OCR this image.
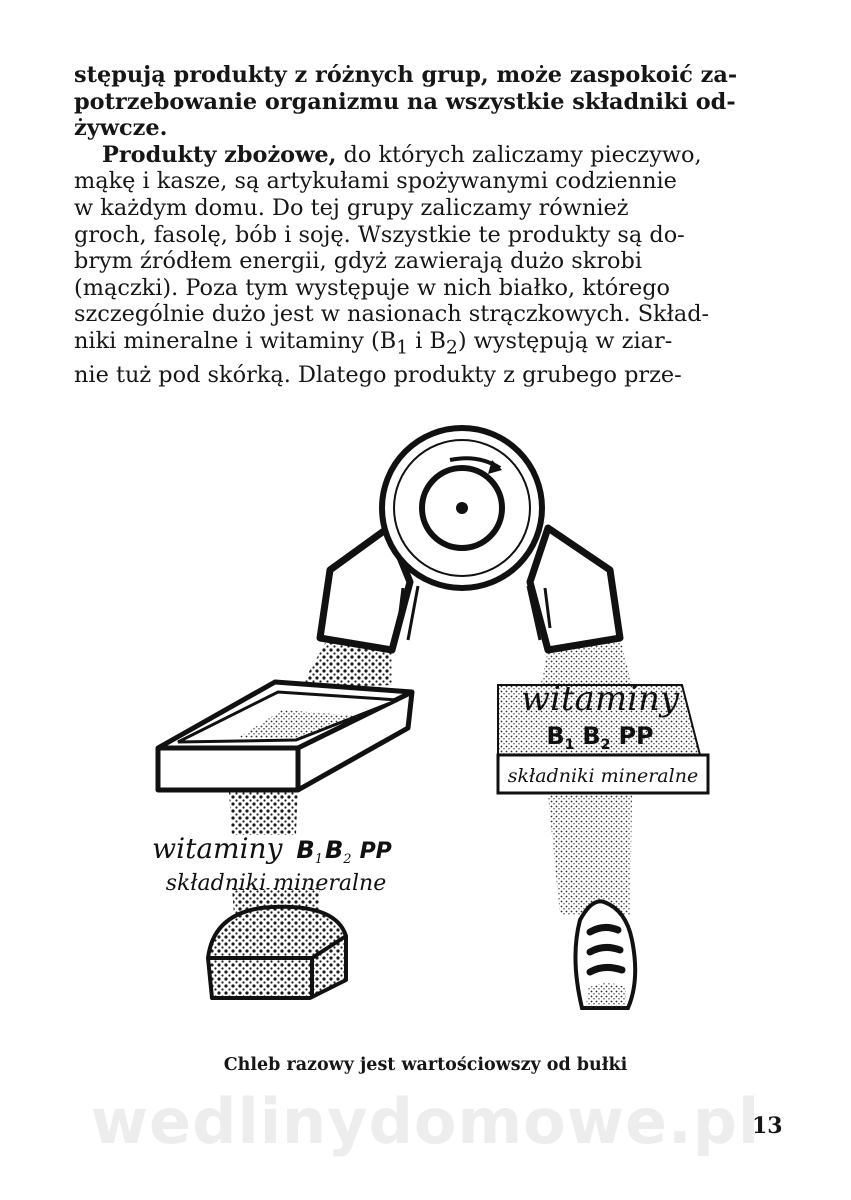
stępują produkty z różnych grup, może zaspokoić za-
potrzebowanie organizmu na wszystkie składniki od-
żywcze.

Produkty zbożowe, do których zaliczamy pieczywo,
mąkę i kasze, są artykułami spożywanymi codziennie
w każdym domu. Do tej grupy zaliczamy również
groch, fasolę, bób i soję. Wszystkie te produkty są do-
brym źródłem energii, gdyż zawierają dużo skrobi
(mączki). Poza tym występuje w nich białko, którego
szczególnie dużo jest w nasionach strączkowych. Skład-
niki mineralne i witaminy ($B_1$ i $B_2$) występują w ziar-
nie tuż pod skórką. Dlatego produkty z grubego prze-

witaminy
$B_1$ $B_2$ PP
składniki mineralne
witaminy B1B2 PP
składniki mineralne
Chleb razowy jest wartościowszy od bułki
wedlinydomowe.pl
13
